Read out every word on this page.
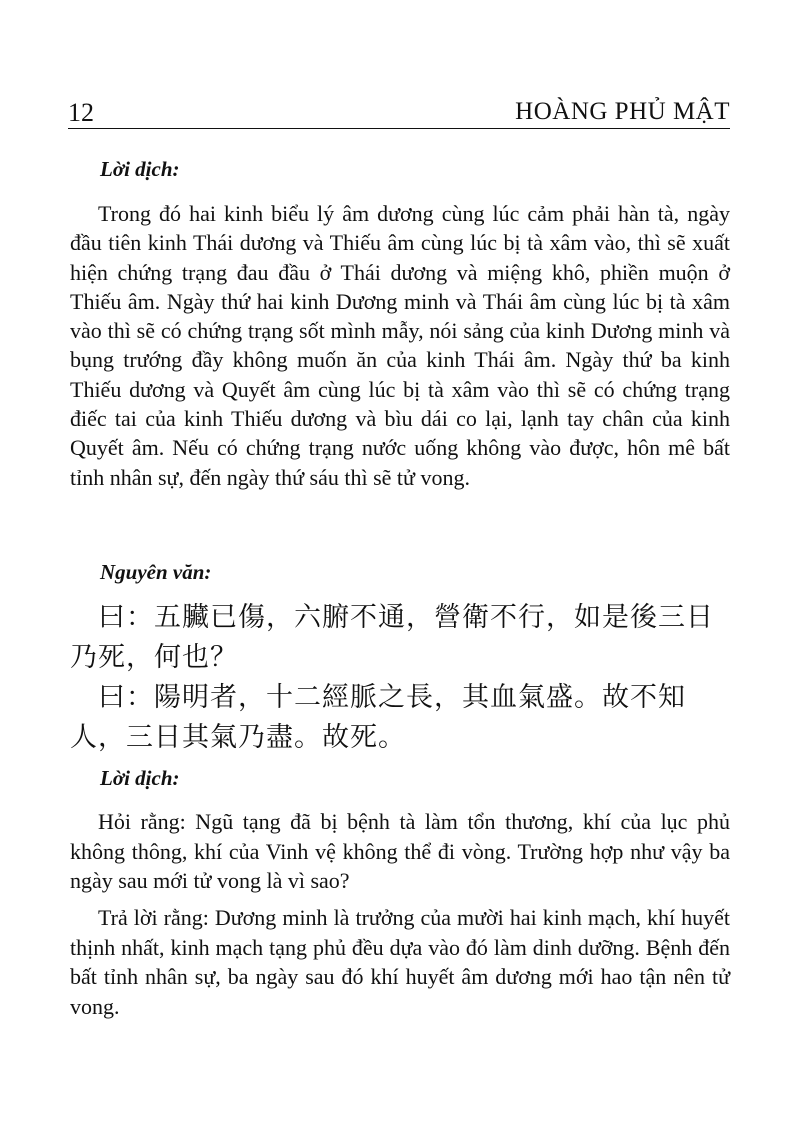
12	HOÀNG PHỦ MẬT
Lời dịch:

Trong đó hai kinh biểu lý âm dương cùng lúc cảm phải hàn tà, ngày đầu tiên kinh Thái dương và Thiếu âm cùng lúc bị tà xâm vào, thì sẽ xuất hiện chứng trạng đau đầu ở Thái dương và miệng khô, phiền muộn ở Thiếu âm. Ngày thứ hai kinh Dương minh và Thái âm cùng lúc bị tà xâm vào thì sẽ có chứng trạng sốt mình mẫy, nói sảng của kinh Dương minh và bụng trướng đầy không muốn ăn của kinh Thái âm. Ngày thứ ba kinh Thiếu dương và Quyết âm cùng lúc bị tà xâm vào thì sẽ có chứng trạng điếc tai của kinh Thiếu dương và bìu dái co lại, lạnh tay chân của kinh Quyết âm. Nếu có chứng trạng nước uống không vào được, hôn mê bất tỉnh nhân sự, đến ngày thứ sáu thì sẽ tử vong.

Nguyên văn:

曰：五臟已傷，六腑不通，營衛不行，如是後三日乃死，何也？

曰：陽明者，十二經脈之長，其血氣盛。故不知人，三日其氣乃盡。故死。

Lời dịch:

Hỏi rằng: Ngũ tạng đã bị bệnh tà làm tổn thương, khí của lục phủ không thông, khí của Vinh vệ không thể đi vòng. Trường hợp như vậy ba ngày sau mới tử vong là vì sao?

Trả lời rằng: Dương minh là trưởng của mười hai kinh mạch, khí huyết thịnh nhất, kinh mạch tạng phủ đều dựa vào đó làm dinh dưỡng. Bệnh đến bất tỉnh nhân sự, ba ngày sau đó khí huyết âm dương mới hao tận nên tử vong.
